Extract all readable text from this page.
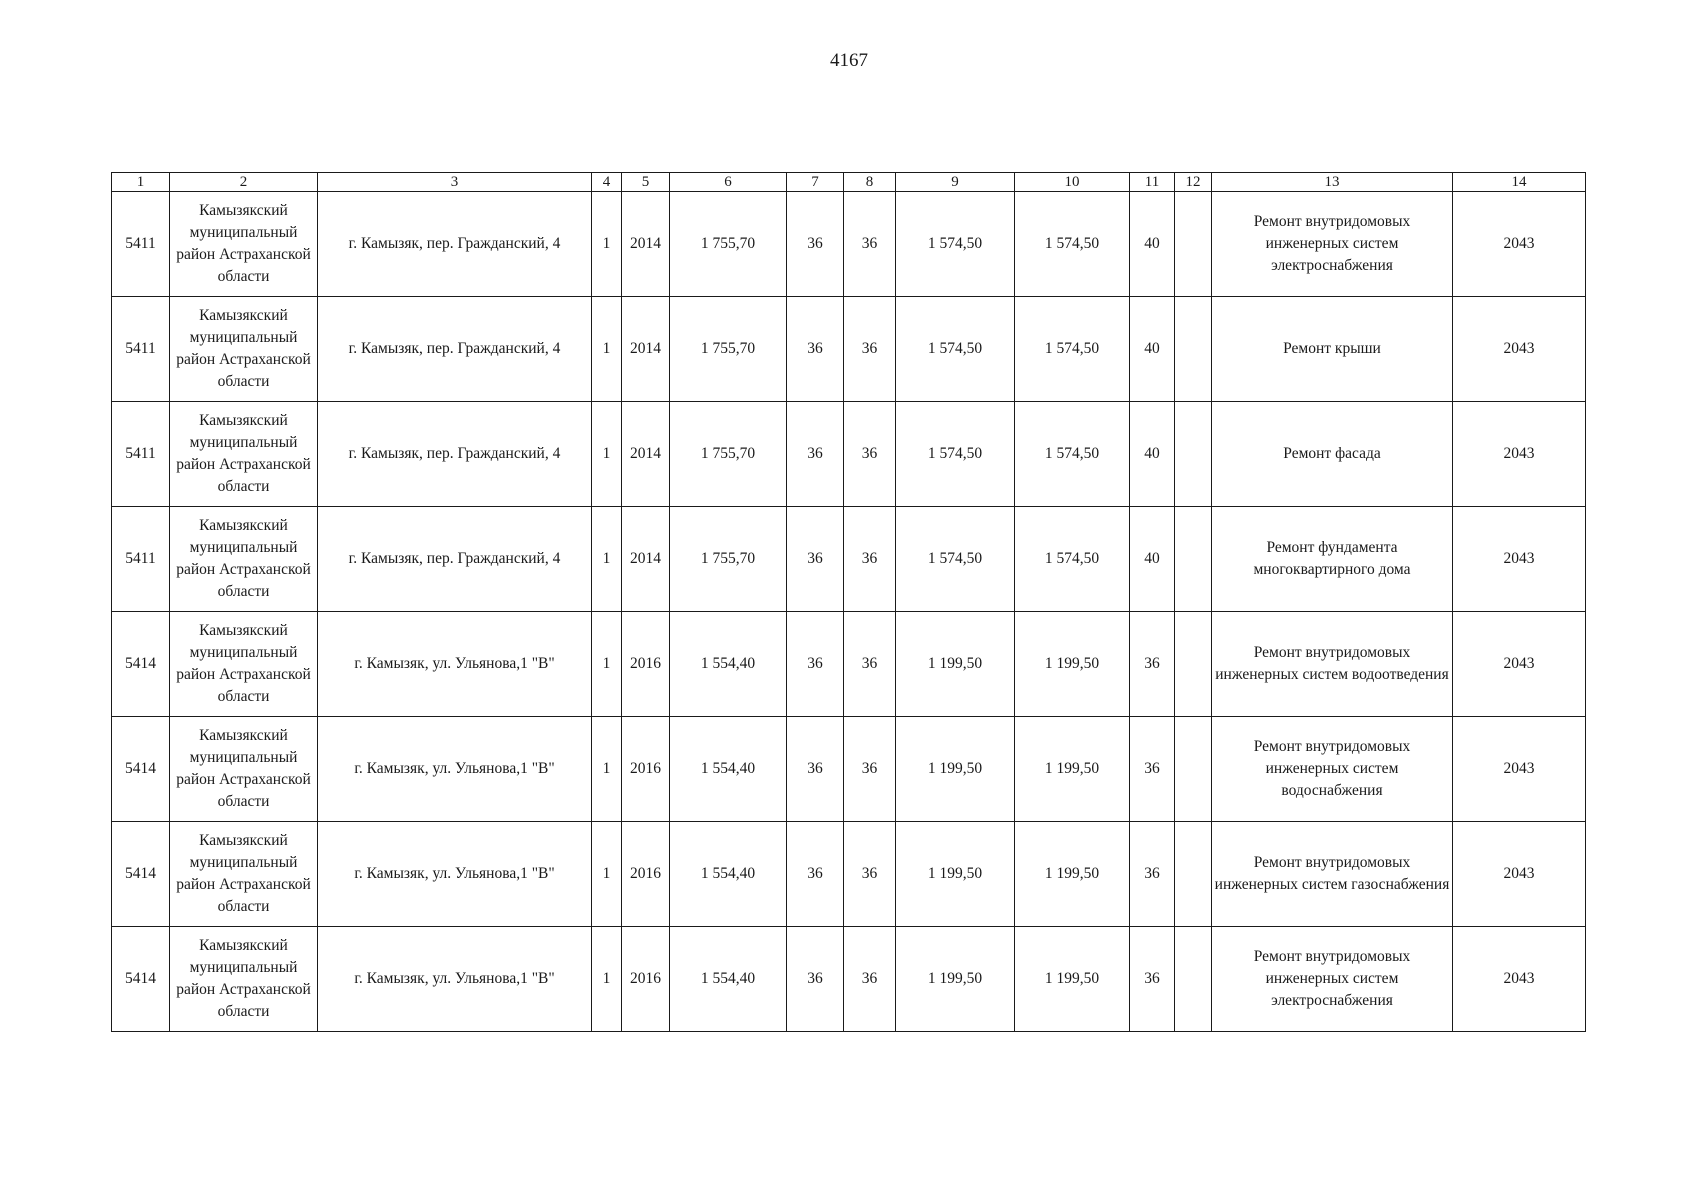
4167
1	2	3	4	5	6	7	8	9	10	11	12	13	14
5411	Камызякский муниципальный район Астраханской области	г. Камызяк, пер. Гражданский, 4	1	2014	1 755,70	36	36	1 574,50	1 574,50	40		Ремонт внутридомовых инженерных систем электроснабжения	2043
5411	Камызякский муниципальный район Астраханской области	г. Камызяк, пер. Гражданский, 4	1	2014	1 755,70	36	36	1 574,50	1 574,50	40		Ремонт крыши	2043
5411	Камызякский муниципальный район Астраханской области	г. Камызяк, пер. Гражданский, 4	1	2014	1 755,70	36	36	1 574,50	1 574,50	40		Ремонт фасада	2043
5411	Камызякский муниципальный район Астраханской области	г. Камызяк, пер. Гражданский, 4	1	2014	1 755,70	36	36	1 574,50	1 574,50	40		Ремонт фундамента многоквартирного дома	2043
5414	Камызякский муниципальный район Астраханской области	г. Камызяк, ул. Ульянова,1 "В"	1	2016	1 554,40	36	36	1 199,50	1 199,50	36		Ремонт внутридомовых инженерных систем водоотведения	2043
5414	Камызякский муниципальный район Астраханской области	г. Камызяк, ул. Ульянова,1 "В"	1	2016	1 554,40	36	36	1 199,50	1 199,50	36		Ремонт внутридомовых инженерных систем водоснабжения	2043
5414	Камызякский муниципальный район Астраханской области	г. Камызяк, ул. Ульянова,1 "В"	1	2016	1 554,40	36	36	1 199,50	1 199,50	36		Ремонт внутридомовых инженерных систем газоснабжения	2043
5414	Камызякский муниципальный район Астраханской области	г. Камызяк, ул. Ульянова,1 "В"	1	2016	1 554,40	36	36	1 199,50	1 199,50	36		Ремонт внутридомовых инженерных систем электроснабжения	2043
